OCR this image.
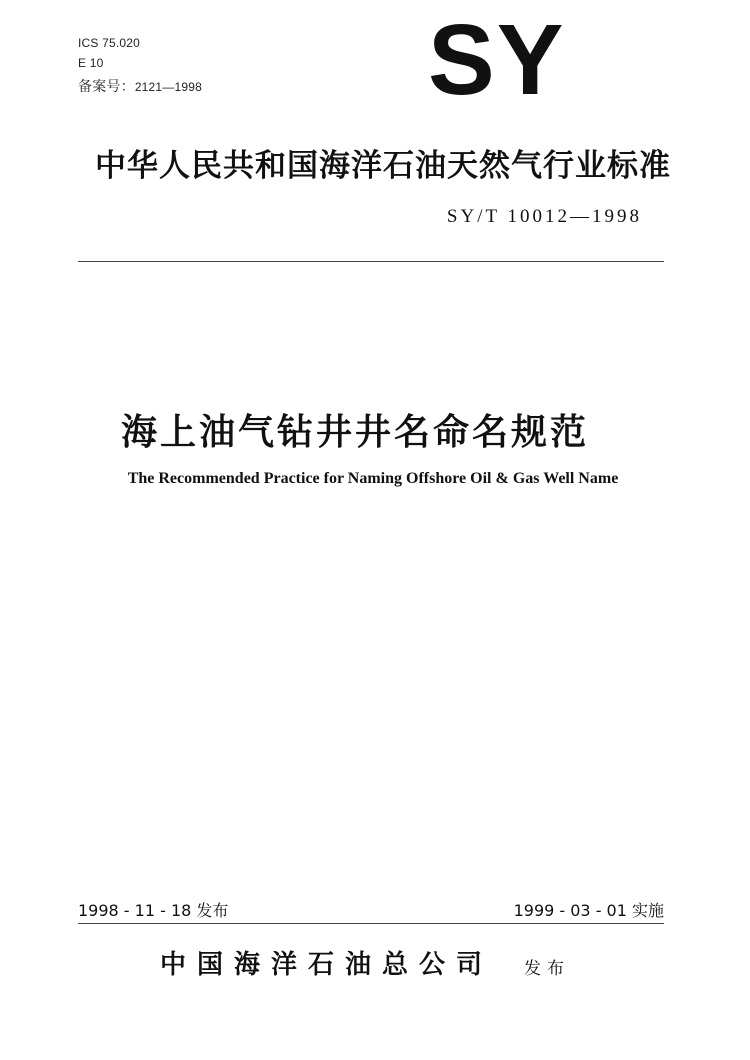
ICS 75.020
E 10
备案号：2121—1998 SY
中华人民共和国海洋石油天然气行业标准
SY/T 10012—1998
海上油气钻井井名命名规范
The Recommended Practice for Naming Offshore Oil & Gas Well Name
1998 - 11 - 18 发布	1999 - 03 - 01 实施
中国海洋石油总公司 发布
